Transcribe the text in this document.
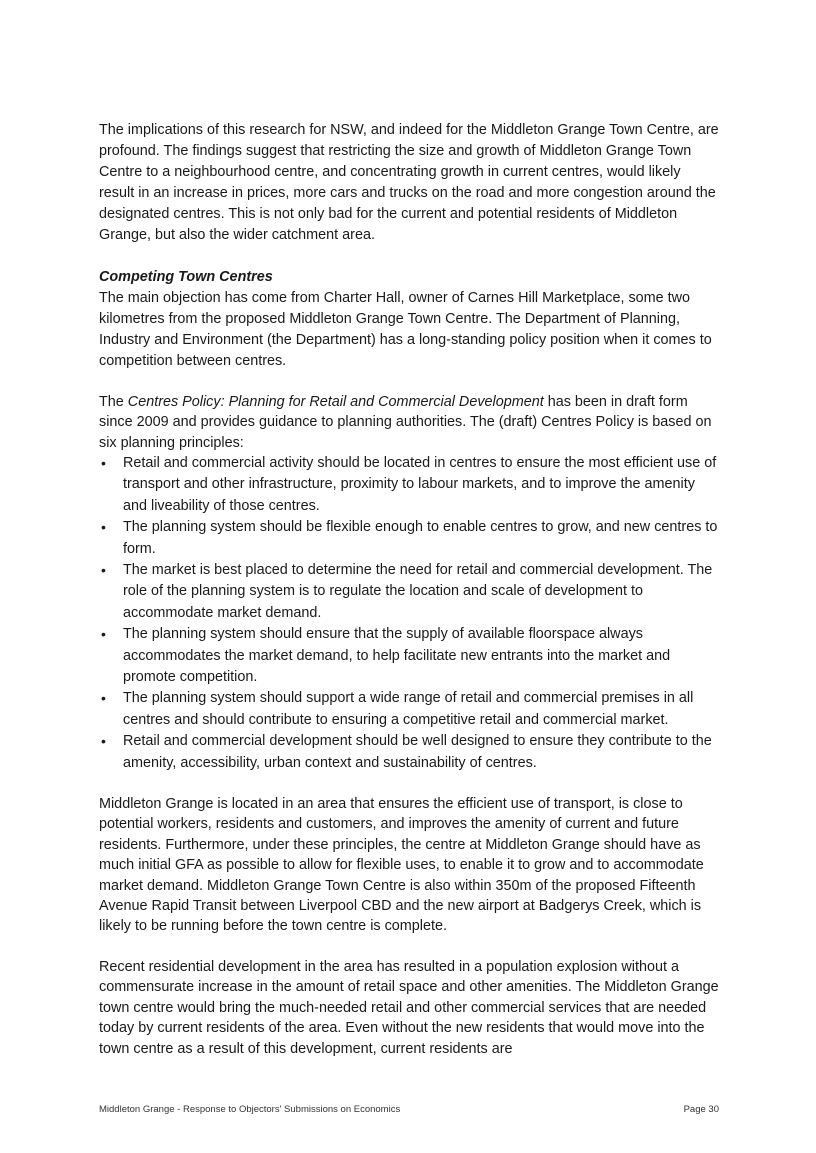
The implications of this research for NSW, and indeed for the Middleton Grange Town Centre, are profound. The findings suggest that restricting the size and growth of Middleton Grange Town Centre to a neighbourhood centre, and concentrating growth in current centres, would likely result in an increase in prices, more cars and trucks on the road and more congestion around the designated centres. This is not only bad for the current and potential residents of Middleton Grange, but also the wider catchment area.

Competing Town Centres

The main objection has come from Charter Hall, owner of Carnes Hill Marketplace, some two kilometres from the proposed Middleton Grange Town Centre. The Department of Planning, Industry and Environment (the Department) has a long-standing policy position when it comes to competition between centres.

The Centres Policy: Planning for Retail and Commercial Development has been in draft form since 2009 and provides guidance to planning authorities. The (draft) Centres Policy is based on six planning principles:

• Retail and commercial activity should be located in centres to ensure the most efficient use of transport and other infrastructure, proximity to labour markets, and to improve the amenity and liveability of those centres.
• The planning system should be flexible enough to enable centres to grow, and new centres to form.
• The market is best placed to determine the need for retail and commercial development. The role of the planning system is to regulate the location and scale of development to accommodate market demand.
• The planning system should ensure that the supply of available floorspace always accommodates the market demand, to help facilitate new entrants into the market and promote competition.
• The planning system should support a wide range of retail and commercial premises in all centres and should contribute to ensuring a competitive retail and commercial market.
• Retail and commercial development should be well designed to ensure they contribute to the amenity, accessibility, urban context and sustainability of centres.

Middleton Grange is located in an area that ensures the efficient use of transport, is close to potential workers, residents and customers, and improves the amenity of current and future residents. Furthermore, under these principles, the centre at Middleton Grange should have as much initial GFA as possible to allow for flexible uses, to enable it to grow and to accommodate market demand. Middleton Grange Town Centre is also within 350m of the proposed Fifteenth Avenue Rapid Transit between Liverpool CBD and the new airport at Badgerys Creek, which is likely to be running before the town centre is complete.

Recent residential development in the area has resulted in a population explosion without a commensurate increase in the amount of retail space and other amenities. The Middleton Grange town centre would bring the much-needed retail and other commercial services that are needed today by current residents of the area. Even without the new residents that would move into the town centre as a result of this development, current residents are

Middleton Grange - Response to Objectors' Submissions on Economics	Page 30
